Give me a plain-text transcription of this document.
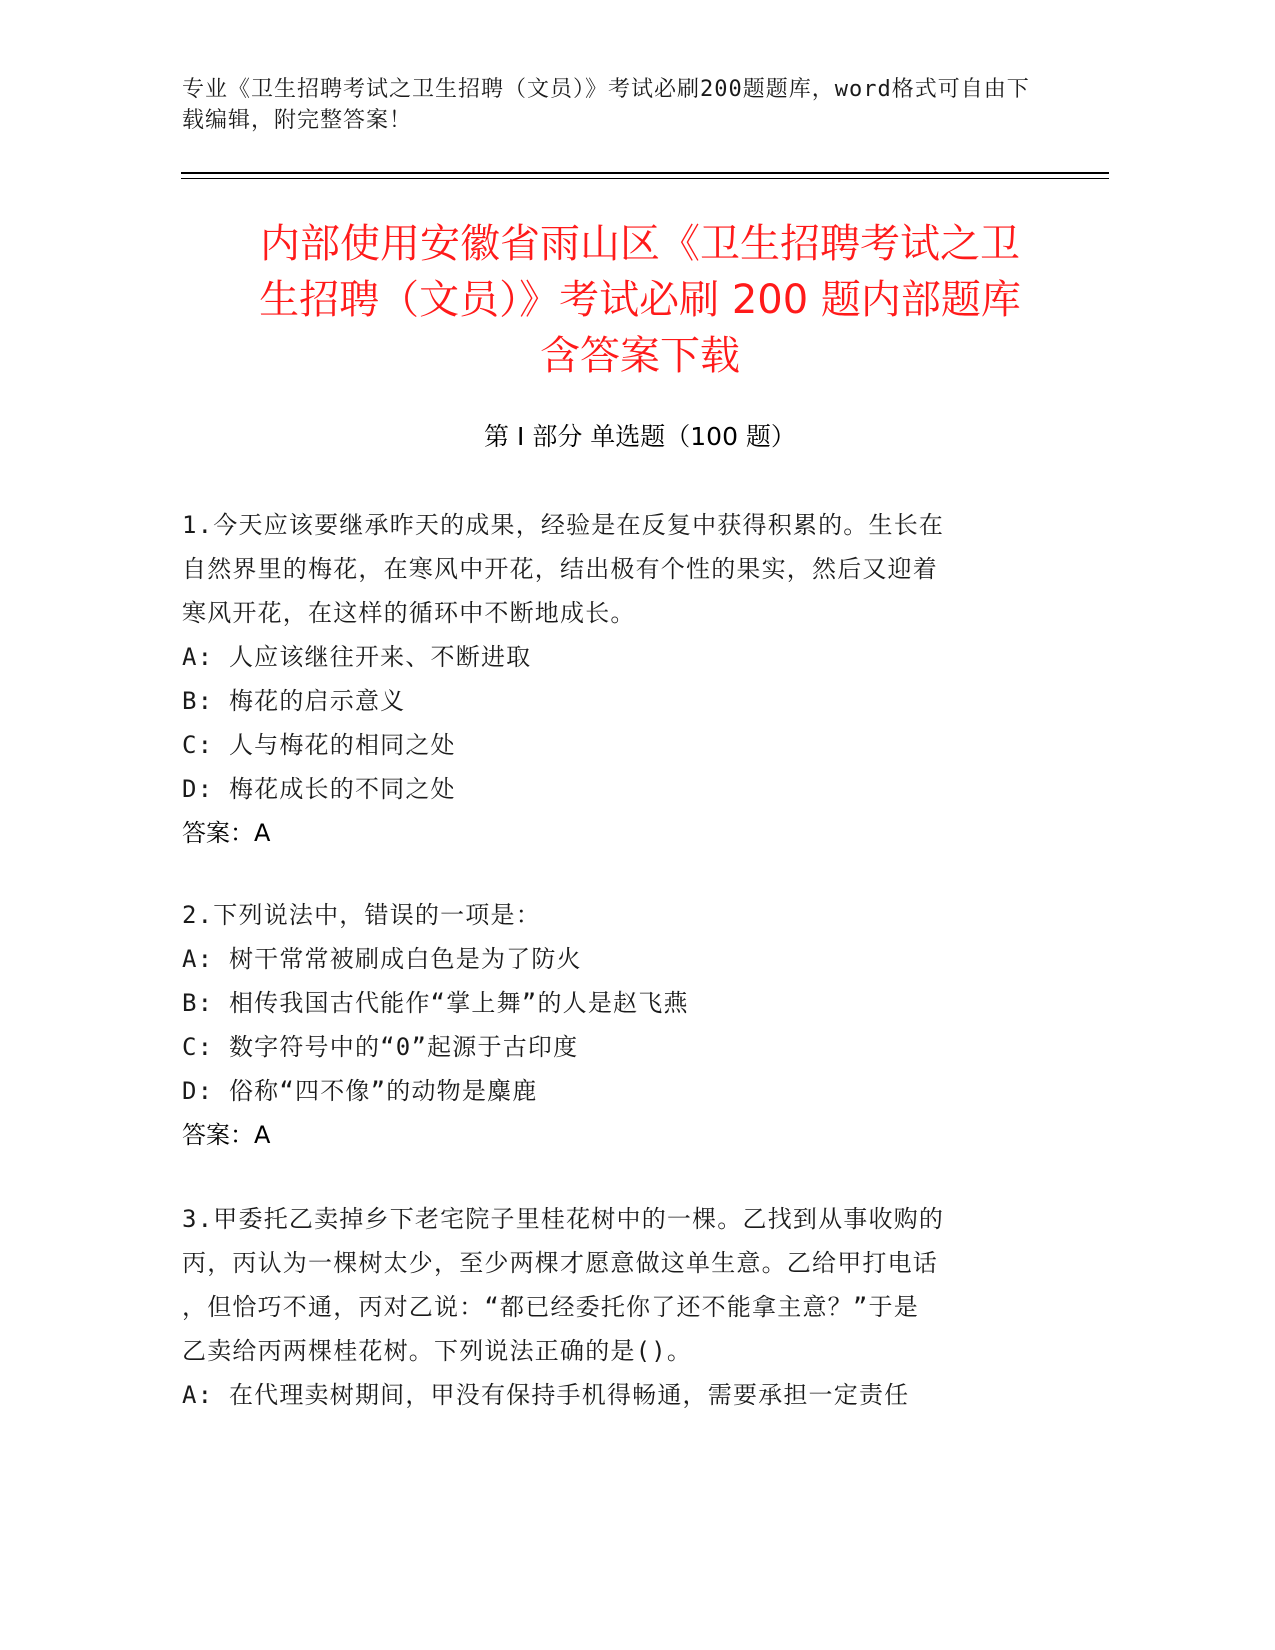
专业《卫生招聘考试之卫生招聘（文员）》考试必刷200题题库，word格式可自由下载编辑，附完整答案！
内部使用安徽省雨山区《卫生招聘考试之卫
生招聘（文员）》考试必刷 200 题内部题库
含答案下载
第 I 部分 单选题（100 题）

1.今天应该要继承昨天的成果，经验是在反复中获得积累的。生长在

自然界里的梅花，在寒风中开花，结出极有个性的果实，然后又迎着

寒风开花，在这样的循环中不断地成长。

A: 人应该继往开来、不断进取

B: 梅花的启示意义

C: 人与梅花的相同之处

D: 梅花成长的不同之处

答案：A

2.下列说法中，错误的一项是：

A: 树干常常被刷成白色是为了防火

B: 相传我国古代能作“掌上舞”的人是赵飞燕

C: 数字符号中的“0”起源于古印度

D: 俗称“四不像”的动物是麋鹿

答案：A

3.甲委托乙卖掉乡下老宅院子里桂花树中的一棵。乙找到从事收购的

丙，丙认为一棵树太少，至少两棵才愿意做这单生意。乙给甲打电话

，但恰巧不通，丙对乙说：“都已经委托你了还不能拿主意？”于是

乙卖给丙两棵桂花树。下列说法正确的是()。

A: 在代理卖树期间，甲没有保持手机得畅通，需要承担一定责任
